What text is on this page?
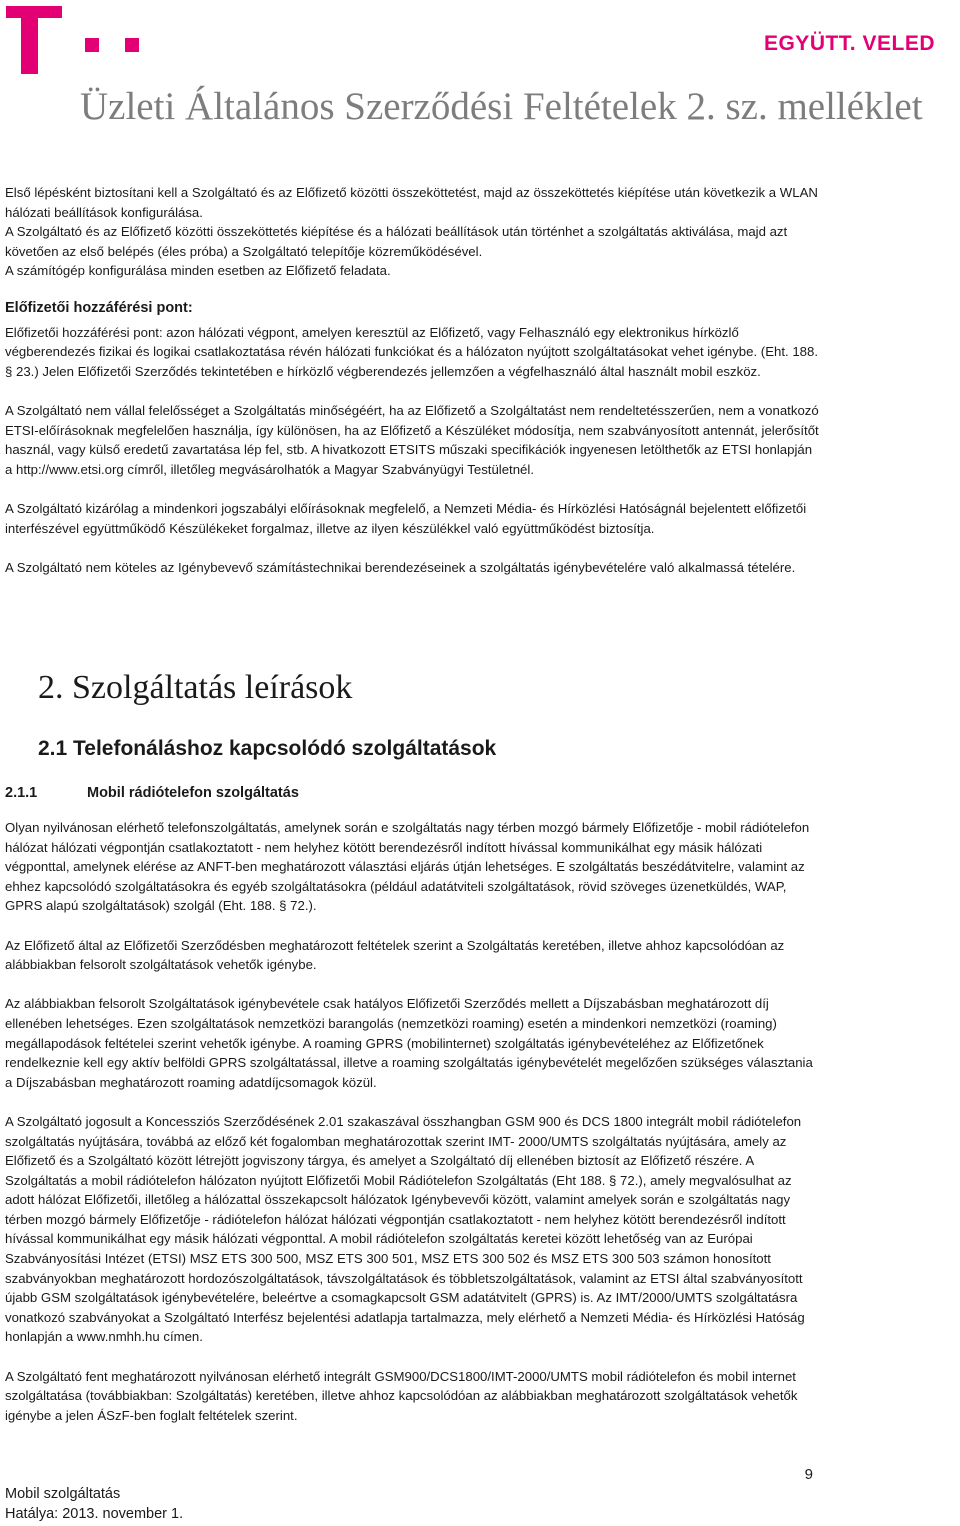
EGYÜTT. VELED
Üzleti Általános Szerződési Feltételek 2. sz. melléklet

Első lépésként biztosítani kell a Szolgáltató és az Előfizető közötti összeköttetést, majd az összeköttetés kiépítése után következik a WLAN hálózati beállítások konfigurálása.

A Szolgáltató és az Előfizető közötti összeköttetés kiépítése és a hálózati beállítások után történhet a szolgáltatás aktiválása, majd azt követően az első belépés (éles próba) a Szolgáltató telepítője közreműködésével.

A számítógép konfigurálása minden esetben az Előfizető feladata.

Előfizetői hozzáférési pont:

Előfizetői hozzáférési pont: azon hálózati végpont, amelyen keresztül az Előfizető, vagy Felhasználó egy elektronikus hírközlő végberendezés fizikai és logikai csatlakoztatása révén hálózati funkciókat és a hálózaton nyújtott szolgáltatásokat vehet igénybe. (Eht. 188. § 23.) Jelen Előfizetői Szerződés tekintetében e hírközlő végberendezés jellemzően a végfelhasználó által használt mobil eszköz.

A Szolgáltató nem vállal felelősséget a Szolgáltatás minőségéért, ha az Előfizető a Szolgáltatást nem rendeltetésszerűen, nem a vonatkozó ETSI-előírásoknak megfelelően használja, így különösen, ha az Előfizető a Készüléket módosítja, nem szabványosított antennát, jelerősítőt használ, vagy külső eredetű zavartatása lép fel, stb. A hivatkozott ETSITS műszaki specifikációk ingyenesen letölthetők az ETSI honlapján a http://www.etsi.org címről, illetőleg megvásárolhatók a Magyar Szabványügyi Testületnél.

A Szolgáltató kizárólag a mindenkori jogszabályi előírásoknak megfelelő, a Nemzeti Média- és Hírközlési Hatóságnál bejelentett előfizetői interfészével együttműködő Készülékeket forgalmaz, illetve az ilyen készülékkel való együttműködést biztosítja.

A Szolgáltató nem köteles az Igénybevevő számítástechnikai berendezéseinek a szolgáltatás igénybevételére való alkalmassá tételére.

2. Szolgáltatás leírások
2.1 Telefonáláshoz kapcsolódó szolgáltatások
2.1.1	Mobil rádiótelefon szolgáltatás

Olyan nyilvánosan elérhető telefonszolgáltatás, amelynek során e szolgáltatás nagy térben mozgó bármely Előfizetője - mobil rádiótelefon hálózat hálózati végpontján csatlakoztatott - nem helyhez kötött berendezésről indított hívással kommunikálhat egy másik hálózati végponttal, amelynek elérése az ANFT-ben meghatározott választási eljárás útján lehetséges. E szolgáltatás beszédátvitelre, valamint az ehhez kapcsolódó szolgáltatásokra és egyéb szolgáltatásokra (például adatátviteli szolgáltatások, rövid szöveges üzenetküldés, WAP, GPRS alapú szolgáltatások) szolgál (Eht. 188. § 72.).

Az Előfizető által az Előfizetői Szerződésben meghatározott feltételek szerint a Szolgáltatás keretében, illetve ahhoz kapcsolódóan az alábbiakban felsorolt szolgáltatások vehetők igénybe.

Az alábbiakban felsorolt Szolgáltatások igénybevétele csak hatályos Előfizetői Szerződés mellett a Díjszabásban meghatározott díj ellenében lehetséges. Ezen szolgáltatások nemzetközi barangolás (nemzetközi roaming) esetén a mindenkori nemzetközi (roaming) megállapodások feltételei szerint vehetők igénybe. A roaming GPRS (mobilinternet) szolgáltatás igénybevételéhez az Előfizetőnek rendelkeznie kell egy aktív belföldi GPRS szolgáltatással, illetve a roaming szolgáltatás igénybevételét megelőzően szükséges választania a Díjszabásban meghatározott roaming adatdíjcsomagok közül.

A Szolgáltató jogosult a Koncessziós Szerződésének 2.01 szakaszával összhangban GSM 900 és DCS 1800 integrált mobil rádiótelefon szolgáltatás nyújtására, továbbá az előző két fogalomban meghatározottak szerint IMT- 2000/UMTS szolgáltatás nyújtására, amely az Előfizető és a Szolgáltató között létrejött jogviszony tárgya, és amelyet a Szolgáltató díj ellenében biztosít az Előfizető részére. A Szolgáltatás a mobil rádiótelefon hálózaton nyújtott Előfizetői Mobil Rádiótelefon Szolgáltatás (Eht 188. § 72.), amely megvalósulhat az adott hálózat Előfizetői, illetőleg a hálózattal összekapcsolt hálózatok Igénybevevői között, valamint amelyek során e szolgáltatás nagy térben mozgó bármely Előfizetője - rádiótelefon hálózat hálózati végpontján csatlakoztatott - nem helyhez kötött berendezésről indított hívással kommunikálhat egy másik hálózati végponttal. A mobil rádiótelefon szolgáltatás keretei között lehetőség van az Európai Szabványosítási Intézet (ETSI) MSZ ETS 300 500, MSZ ETS 300 501, MSZ ETS 300 502 és MSZ ETS 300 503 számon honosított szabványokban meghatározott hordozószolgáltatások, távszolgáltatások és többletszolgáltatások, valamint az ETSI által szabványosított újabb GSM szolgáltatások igénybevételére, beleértve a csomagkapcsolt GSM adatátvitelt (GPRS) is. Az IMT/2000/UMTS szolgáltatásra vonatkozó szabványokat a Szolgáltató Interfész bejelentési adatlapja tartalmazza, mely elérhető a Nemzeti Média- és Hírközlési Hatóság honlapján a www.nmhh.hu címen.

A Szolgáltató fent meghatározott nyilvánosan elérhető integrált GSM900/DCS1800/IMT-2000/UMTS mobil rádiótelefon és mobil internet szolgáltatása (továbbiakban: Szolgáltatás) keretében, illetve ahhoz kapcsolódóan az alábbiakban meghatározott szolgáltatások vehetők igénybe a jelen ÁSzF-ben foglalt feltételek szerint.

9
Mobil szolgáltatás
Hatálya: 2013. november 1.
